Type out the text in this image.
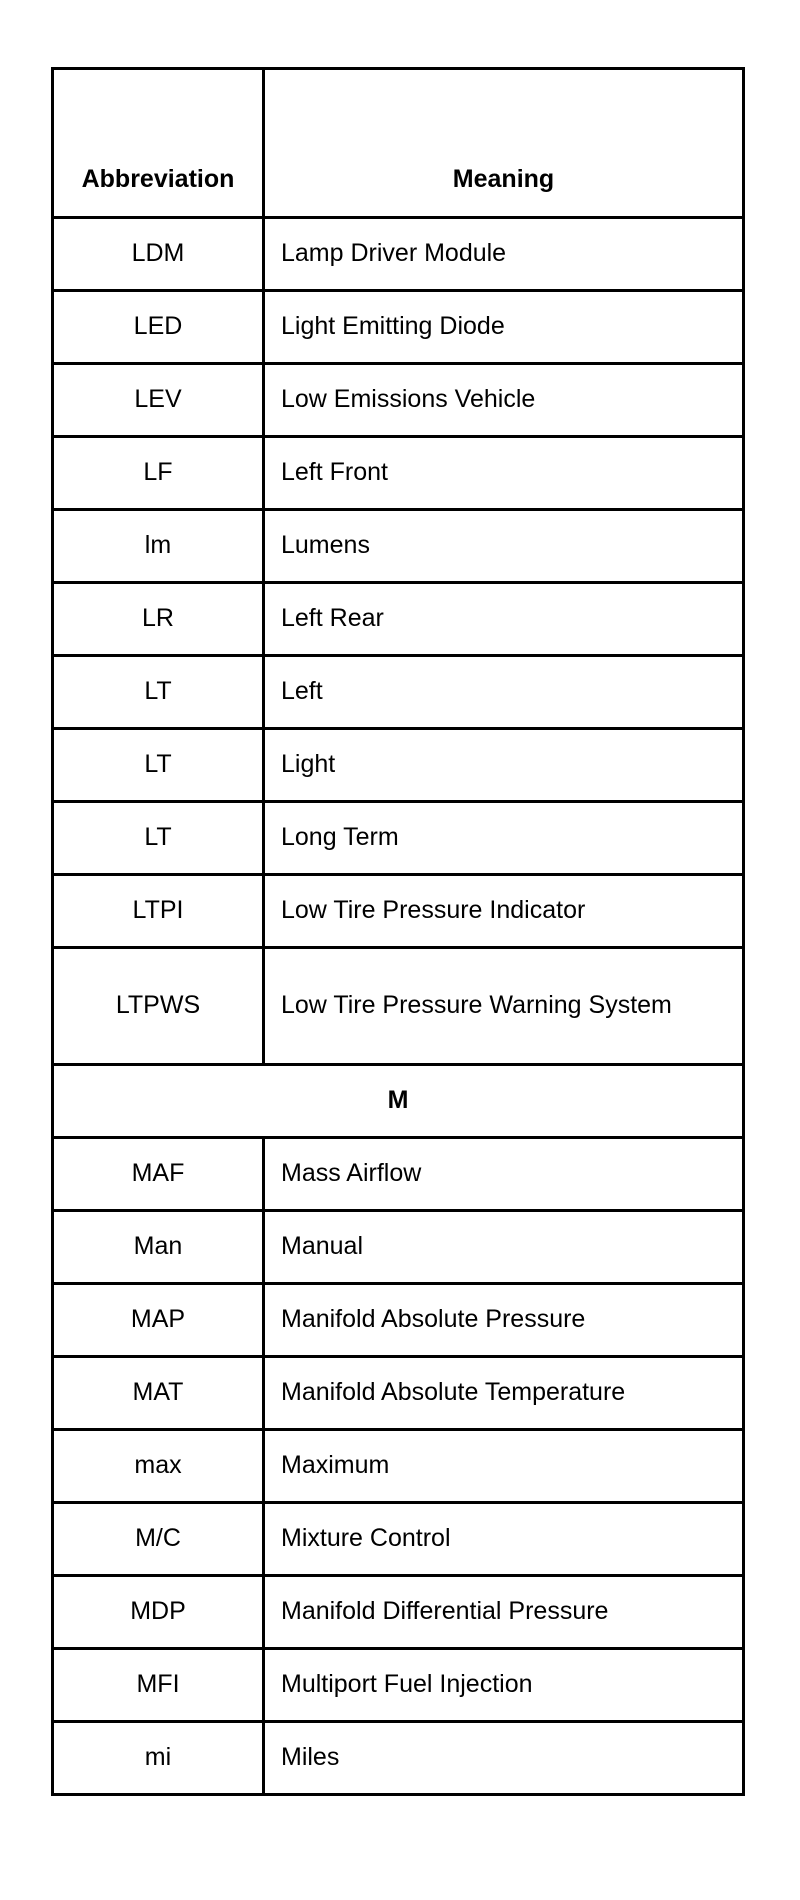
Abbreviation	Meaning
LDM	Lamp Driver Module
LED	Light Emitting Diode
LEV	Low Emissions Vehicle
LF	Left Front
lm	Lumens
LR	Left Rear
LT	Left
LT	Light
LT	Long Term
LTPI	Low Tire Pressure Indicator
LTPWS	Low Tire Pressure Warning System
M	
MAF	Mass Airflow
Man	Manual
MAP	Manifold Absolute Pressure
MAT	Manifold Absolute Temperature
max	Maximum
M/C	Mixture Control
MDP	Manifold Differential Pressure
MFI	Multiport Fuel Injection
mi	Miles
